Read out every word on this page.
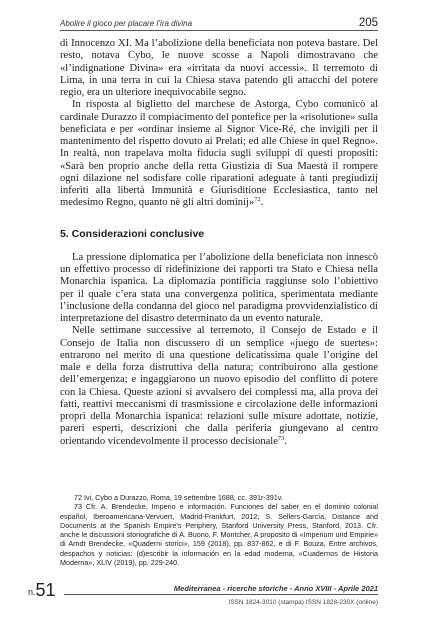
Abolire il gioco per placare l’ira divina	205

di Innocenzo XI. Ma l’abolizione della beneficiata non poteva bastare. Del resto, notava Cybo, le nuove scosse a Napoli dimostravano che «l’indignatione Divina» era «irritata da nuovi accessi». Il terremoto di Lima, in una terra in cui la Chiesa stava patendo gli attacchi del potere regio, era un ulteriore inequivocabile segno.

In risposta al biglietto del marchese de Astorga, Cybo comunicò al cardinale Durazzo il compiacimento del pontefice per la «risolutione» sulla beneficiata e per «ordinar insieme al Signor Vice-Ré, che invigili per il mantenimento del rispetto dovuto ai Prelati; ed alle Chiese in quel Regno». In realtà, non trapelava molta fiducia sugli sviluppi di questi propositi: «Sarà ben proprio anche della retta Giustizia di Sua Maestà il rompere ogni dilazione nel sodisfare colle riparationi adeguate à tanti pregiudizij inferiti alla libertà Immunità e Giurisditione Ecclesiastica, tanto nel medesimo Regno, quanto nè gli altri dominij»$^{72}$.

5. Considerazioni conclusive

La pressione diplomatica per l’abolizione della beneficiata non innescò un effettivo processo di ridefinizione dei rapporti tra Stato e Chiesa nella Monarchia ispanica. La diplomazia pontificia raggiunse solo l’obiettivo per il quale c’era stata una convergenza politica, sperimentata mediante l’inclusione della condanna del gioco nel paradigma provvidenzialistico di interpretazione del disastro determinato da un evento naturale.

Nelle settimane successive al terremoto, il Consejo de Estado e il Consejo de Italia non discussero di un semplice «juego de suertes»: entrarono nel merito di una questione delicatissima quale l’origine del male e della forza distruttiva della natura; contribuirono alla gestione dell’emergenza; e ingaggiarono un nuovo episodio del conflitto di potere con la Chiesa. Queste azioni si avvalsero dei complessi ma, alla prova dei fatti, reattivi meccanismi di trasmissione e circolazione delle informazioni propri della Monarchia ispanica: relazioni sulle misure adottate, notizie, pareri esperti, descrizioni che dalla periferia giungevano al centro orientando vicendevolmente il processo decisionale$^{73}$.

72 Ivi, Cybo a Durazzo, Roma, 19 settembre 1688, cc. 391r-391v.

73 Cfr. A. Brendecke, Imperio e información. Funciones del saber en el dominio colonial español, Iberoamericana-Vervuert, Madrid-Frankfurt, 2012; S. Sellers-García, Distance and Documents at the Spanish Empire’s Periphery, Stanford University Press, Stanford, 2013. Cfr. anche le discussioni storiografiche di A. Buono, F. Montcher, A proposito di «Imperium und Empirie» di Arndt Brendecke, «Quaderni storici», 159 (2018), pp. 837-862, e di F. Bouza, Entre archivos, despachos y noticias: (d)escribir la información en la edad moderna, «Cuadernos de Historia Moderna», XLIV (2019), pp. 229-240.

n.51	Mediterranea - ricerche storiche - Anno XVIII - Aprile 2021
ISSN 1824-3010 (stampa) ISSN 1828-230X (online)
